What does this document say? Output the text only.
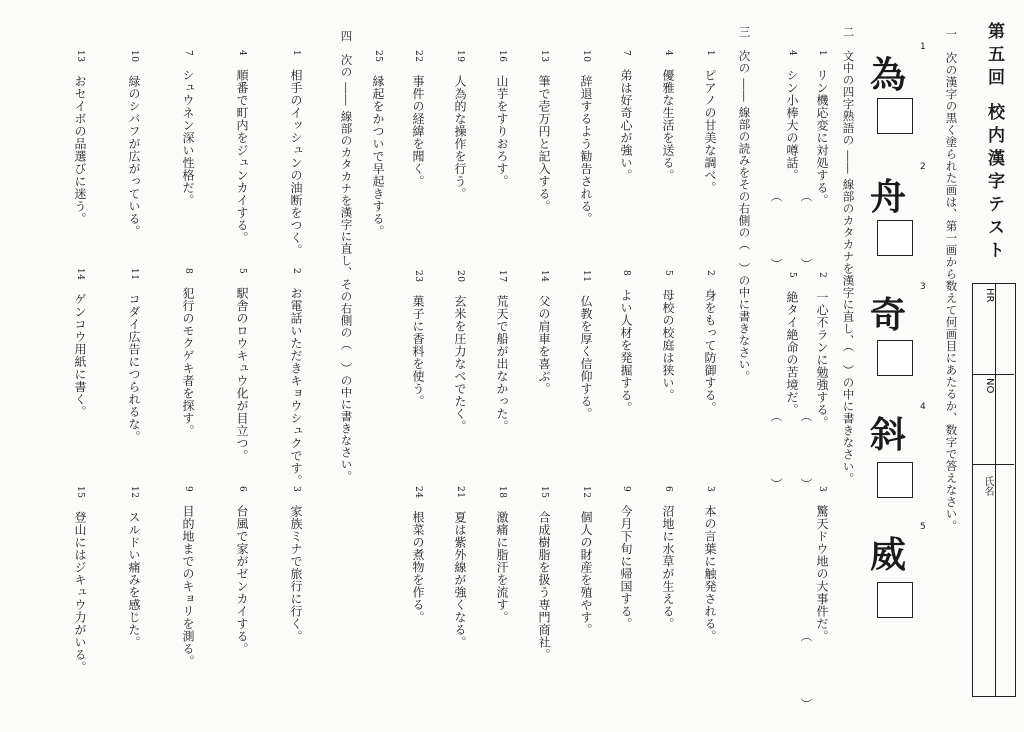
第五回 校内漢字テスト
HR
NO
氏名
一　次の漢字の黒く塗られた画は、第一画から数えて何画目にあたるか、数字で答えなさい。
1
為
2
舟
3
奇
4
斜
5
威
二　文中の四字熟語の ―― 線部のカタカナを漢字に直し、（　）の中に書きなさい。
1　リン機応変に対処する。
2　一心不ランに勉強する。
3　驚天ドウ地の大事件だ。
4　シン小棒大の噂話。
5　絶タイ絶命の苦境だ。
（　）
（　）
（　）
（　）
（　）
三　次の ―― 線部の読みをその右側の（　）の中に書きなさい。
1　ピアノの甘美な調べ。
2　身をもって防御する。
3　本の言葉に触発される。
4　優雅な生活を送る。
5　母校の校庭は狭い。
6　沼地に水草が生える。
7　弟は好奇心が強い。
8　よい人材を発掘する。
9　今月下旬に帰国する。
10　辞退するよう勧告される。
11　仏教を厚く信仰する。
12　個人の財産を殖やす。
13　筆で壱万円と記入する。
14　父の肩車を喜ぶ。
15　合成樹脂を扱う専門商社。
16　山芋をすりおろす。
17　荒天で船が出なかった。
18　激痛に脂汗を流す。
19　人為的な操作を行う。
20　玄米を圧力なべでたく。
21　夏は紫外線が強くなる。
22　事件の経緯を聞く。
23　菓子に香料を使う。
24　根菜の煮物を作る。
25　縁起をかついで早起きする。
四　次の ―― 線部のカタカナを漢字に直し、その右側の（　）の中に書きなさい。
1　相手のイッシュンの油断をつく。
2　お電話いただきキョウシュクです。
3　家族ミナで旅行に行く。
4　順番で町内をジュンカイする。
5　駅舎のロウキュウ化が目立つ。
6　台風で家がゼンカイする。
7　シュウネン深い性格だ。
8　犯行のモクゲキ者を探す。
9　目的地までのキョリを測る。
10　緑のシバフが広がっている。
11　コダイ広告につられるな。
12　スルドい痛みを感じた。
13　おセイボの品選びに迷う。
14　ゲンコウ用紙に書く。
15　登山にはジキュウ力がいる。
